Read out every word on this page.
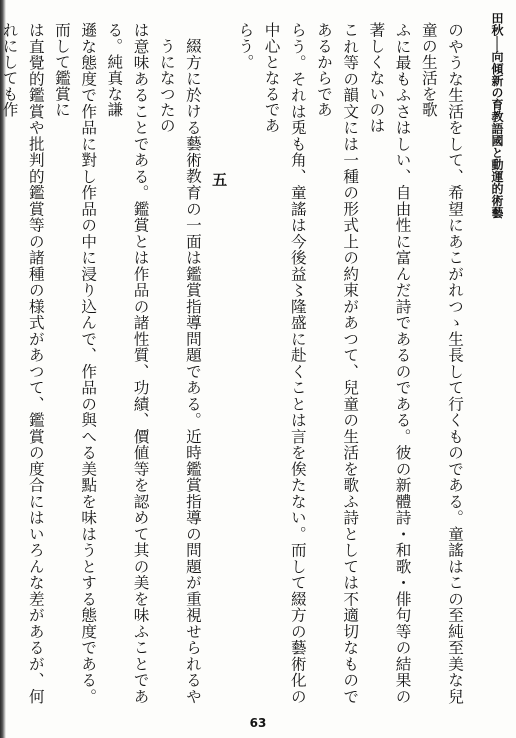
田秋──向傾新の育教語國と動運的術藝

のやうな生活をして、希望にあこがれつゝ生長して行くものである。童謠はこの至純至美な兒童の生活を歌

ふに最もふさはしい、自由性に富んだ詩であるのである。彼の新體詩・和歌・俳句等の結果の著しくないのは

これ等の韻文には一種の形式上の約束があつて、兒童の生活を歌ふ詩としては不適切なものであるからであ

らう。それは兎も角、童謠は今後益〻隆盛に赴くことは言を俟たない。而して綴方の藝術化の中心となるであ

らう。

五

綴方に於ける藝術教育の一面は鑑賞指導問題である。近時鑑賞指導の問題が重視せられるやうになつたの

は意味あることである。鑑賞とは作品の諸性質、功績、價値等を認めて其の美を味ふことである。純真な謙

遜な態度で作品に對し作品の中に浸り込んで、作品の與へる美點を味はうとする態度である。而して鑑賞に

は直覺的鑑賞や批判的鑑賞等の諸種の様式があつて、鑑賞の度合にはいろんな差があるが、何れにしても作

63
